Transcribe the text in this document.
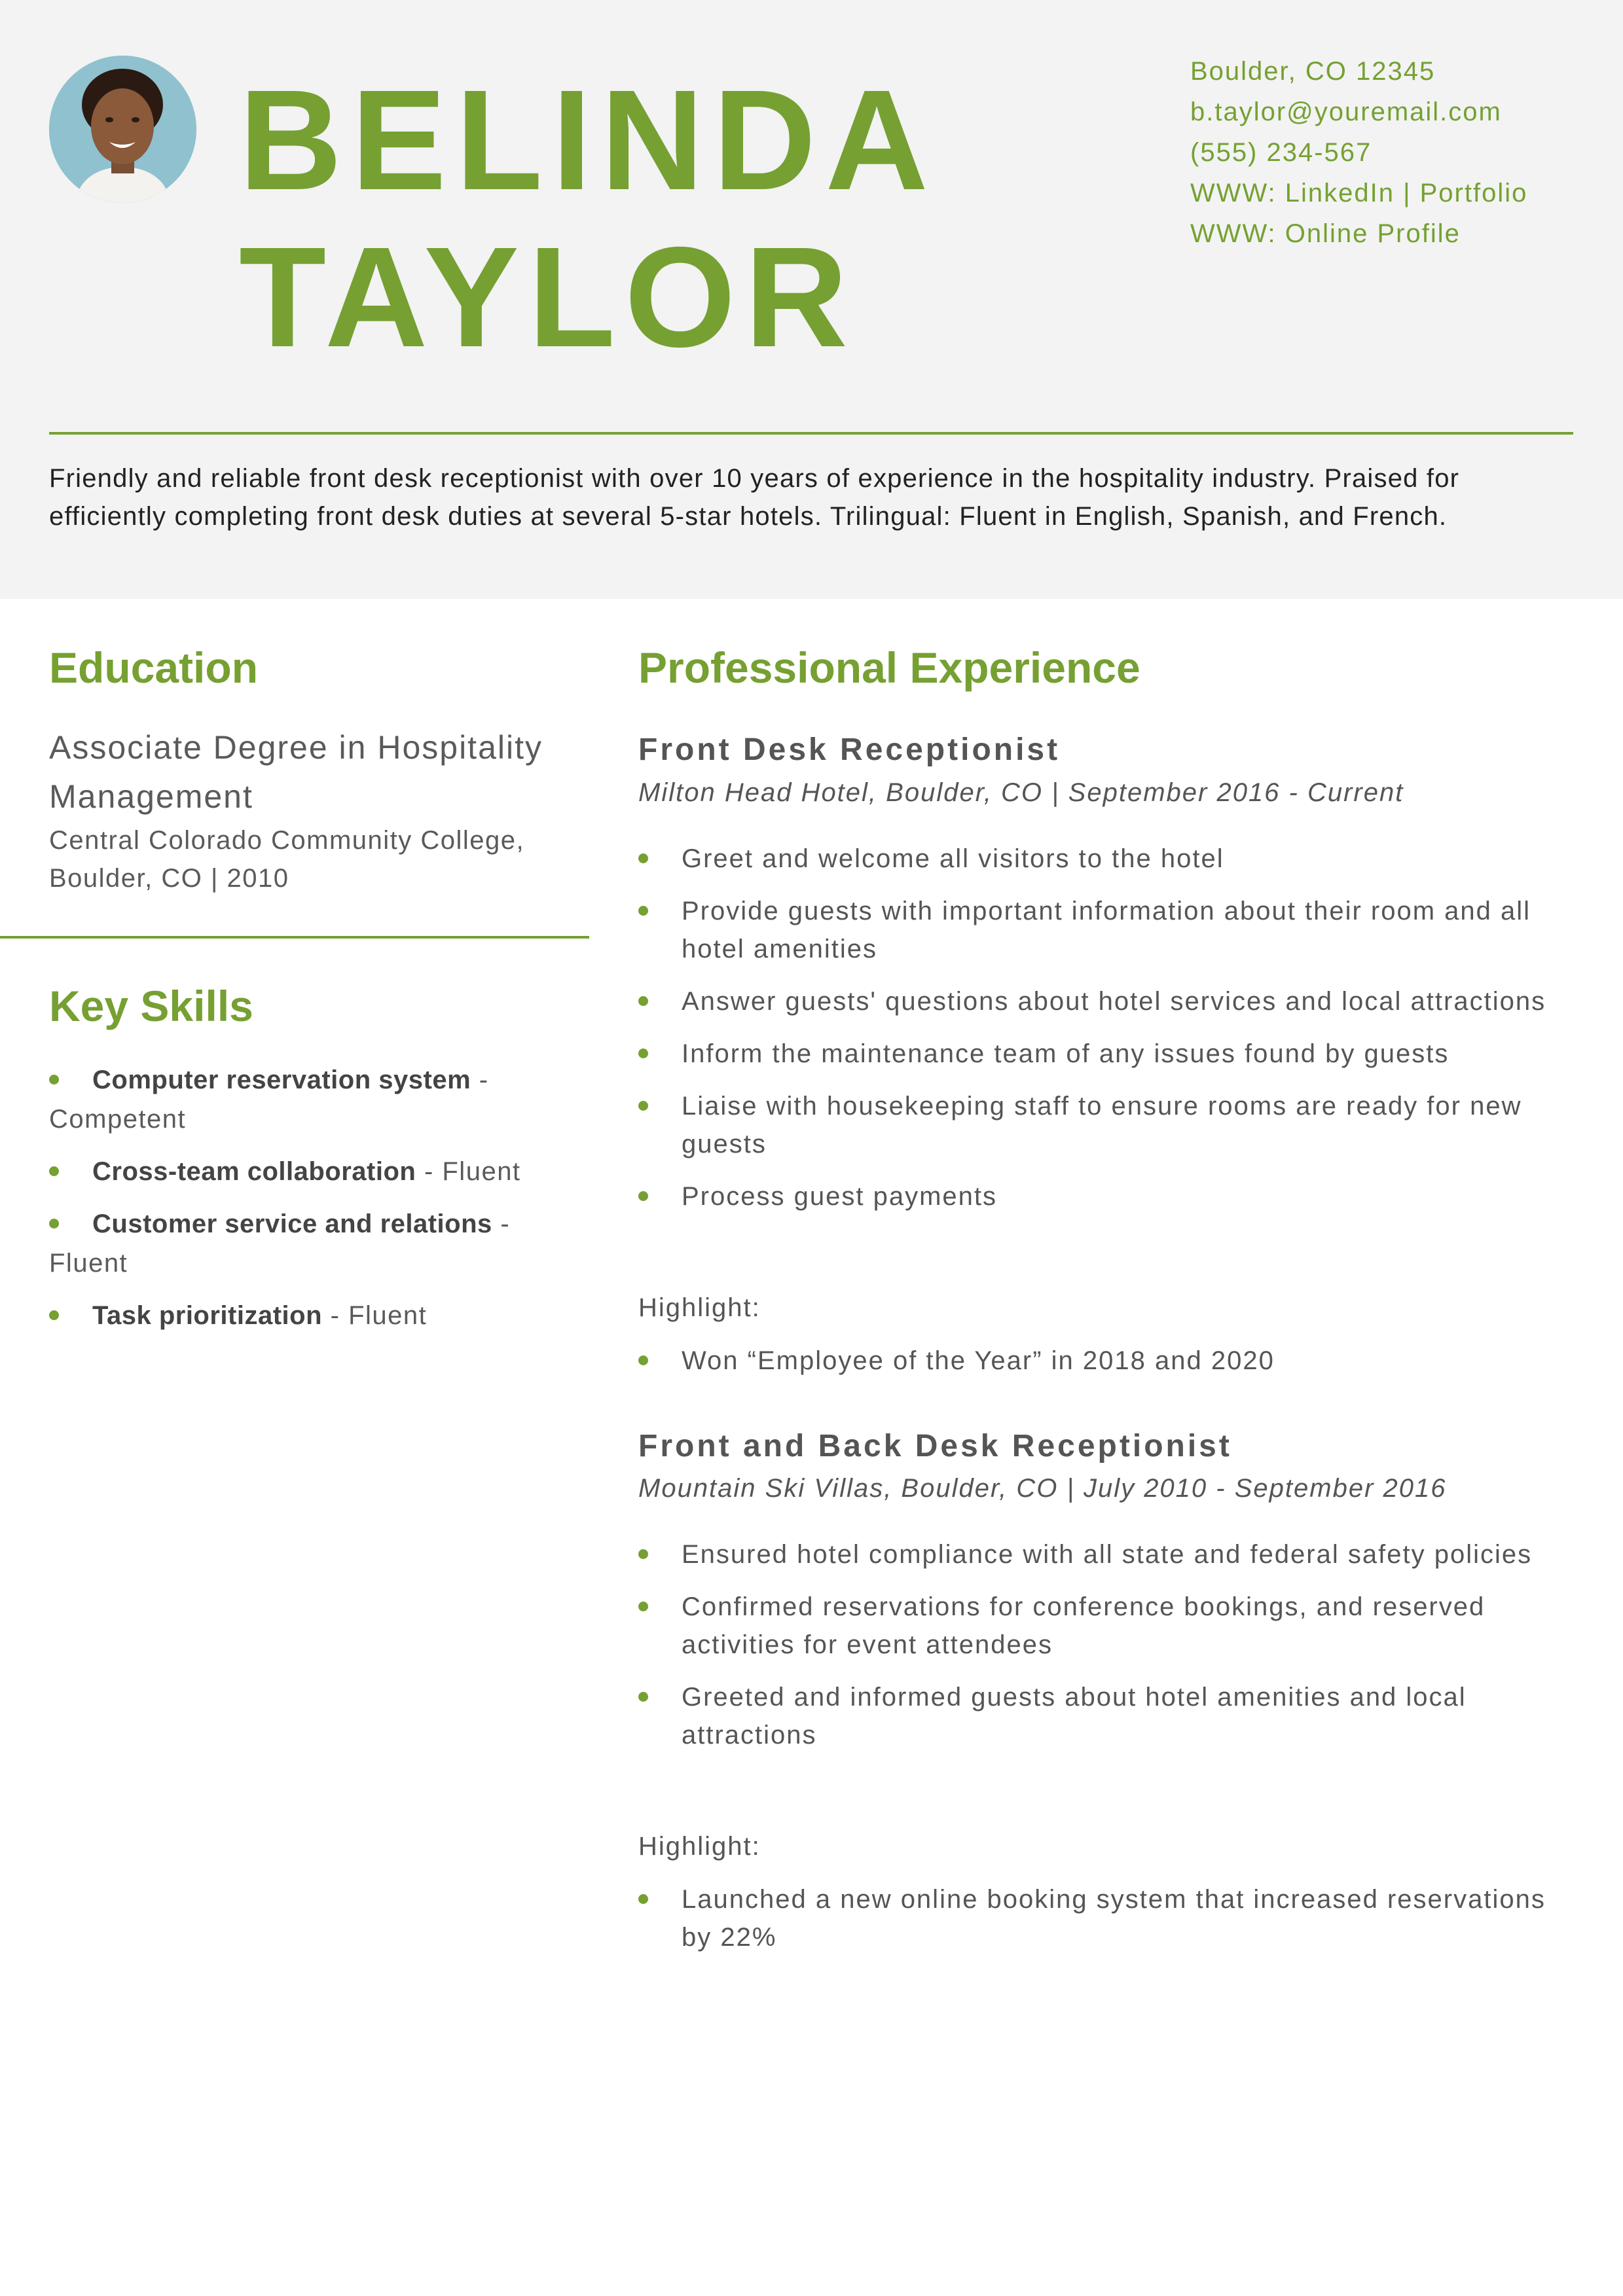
BELINDA
TAYLOR
Boulder, CO 12345
b.taylor@youremail.com
(555) 234-567
WWW: LinkedIn | Portfolio
WWW: Online Profile

Friendly and reliable front desk receptionist with over 10 years of experience in the hospitality industry. Praised for efficiently completing front desk duties at several 5-star hotels. Trilingual: Fluent in English, Spanish, and French.

Education
Associate Degree in Hospitality Management
Central Colorado Community College, Boulder, CO | 2010
Key Skills
Computer reservation system - Competent
Cross-team collaboration - Fluent
Customer service and relations - Fluent
Task prioritization - Fluent
Professional Experience
Front Desk Receptionist
Milton Head Hotel, Boulder, CO | September 2016 - Current
Greet and welcome all visitors to the hotel
Provide guests with important information about their room and all hotel amenities
Answer guests' questions about hotel services and local attractions
Inform the maintenance team of any issues found by guests
Liaise with housekeeping staff to ensure rooms are ready for new guests
Process guest payments
Highlight:
Won “Employee of the Year” in 2018 and 2020
Front and Back Desk Receptionist
Mountain Ski Villas, Boulder, CO | July 2010 - September 2016
Ensured hotel compliance with all state and federal safety policies
Confirmed reservations for conference bookings, and reserved activities for event attendees
Greeted and informed guests about hotel amenities and local attractions
Highlight:
Launched a new online booking system that increased reservations by 22%
